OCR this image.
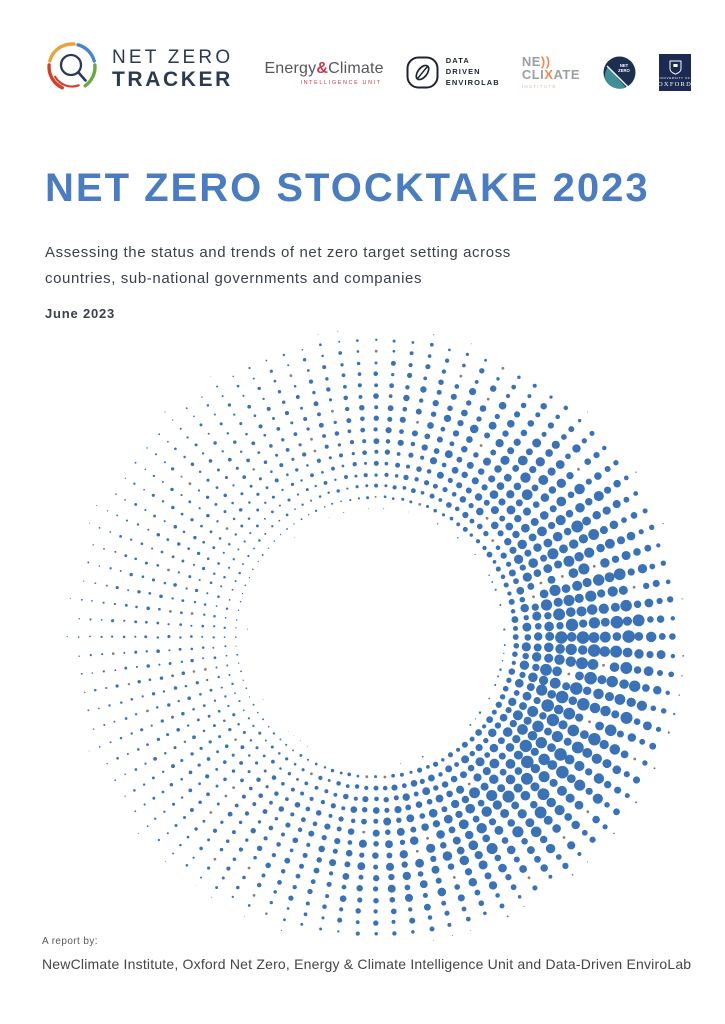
NET ZERO
TRACKER Energy&Climate
INTELLIGENCE UNIT
DATA
DRIVEN
ENVIROLAB
NE))
CLIXATE
INSTITUTE
NET
ZERO
UNIVERSITY OF
OXFORD
NET ZERO STOCKTAKE 2023
Assessing the status and trends of net zero target setting across
countries, sub-national governments and companies
June 2023
A report by:
NewClimate Institute, Oxford Net Zero, Energy & Climate Intelligence Unit and Data-Driven EnviroLab
